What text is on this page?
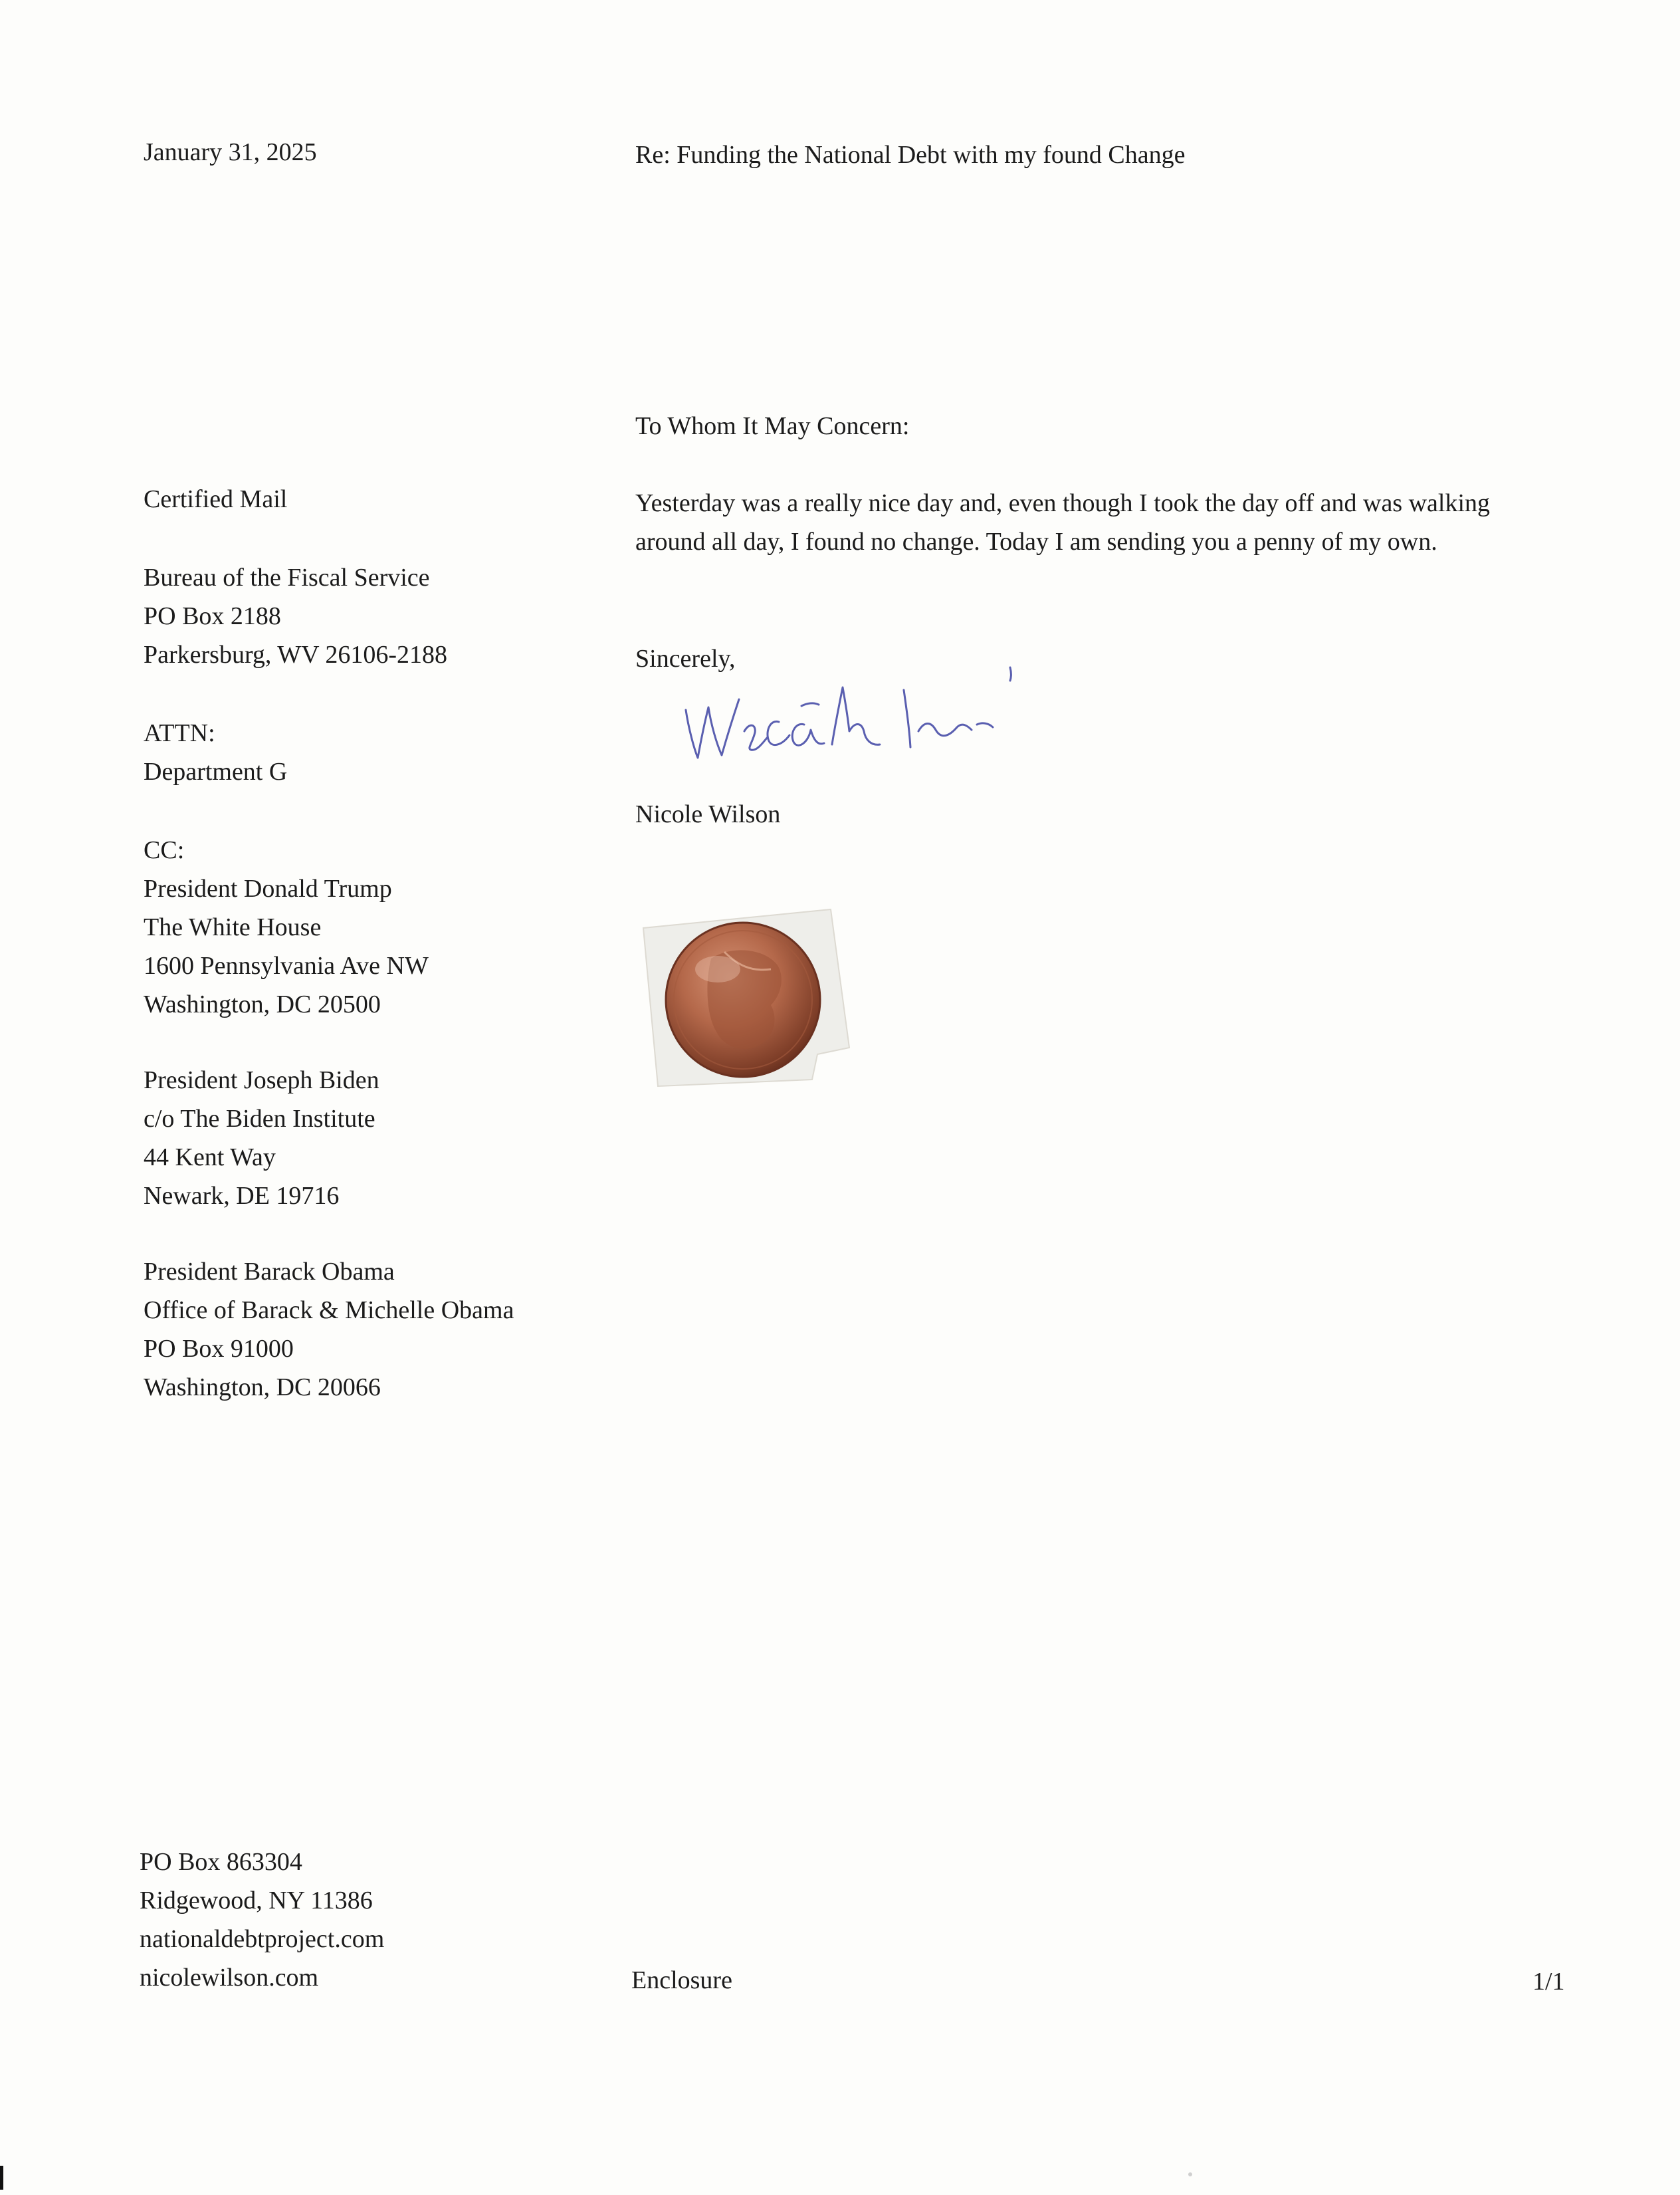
January 31, 2025	Re: Funding the National Debt with my found Change
To Whom It May Concern:
Certified Mail
Bureau of the Fiscal Service
PO Box 2188
Parkersburg, WV 26106-2188
ATTN:
Department G
CC:
President Donald Trump
The White House
1600 Pennsylvania Ave NW
Washington, DC 20500
President Joseph Biden
c/o The Biden Institute
44 Kent Way
Newark, DE 19716
President Barack Obama
Office of Barack & Michelle Obama
PO Box 91000
Washington, DC 20066
Yesterday was a really nice day and, even though I took the day off and was walking around all day, I found no change. Today I am sending you a penny of my own.
Sincerely,
Nicole Wilson
PO Box 863304
Ridgewood, NY 11386
nationaldebtproject.com
nicolewilson.com	Enclosure	1/1
